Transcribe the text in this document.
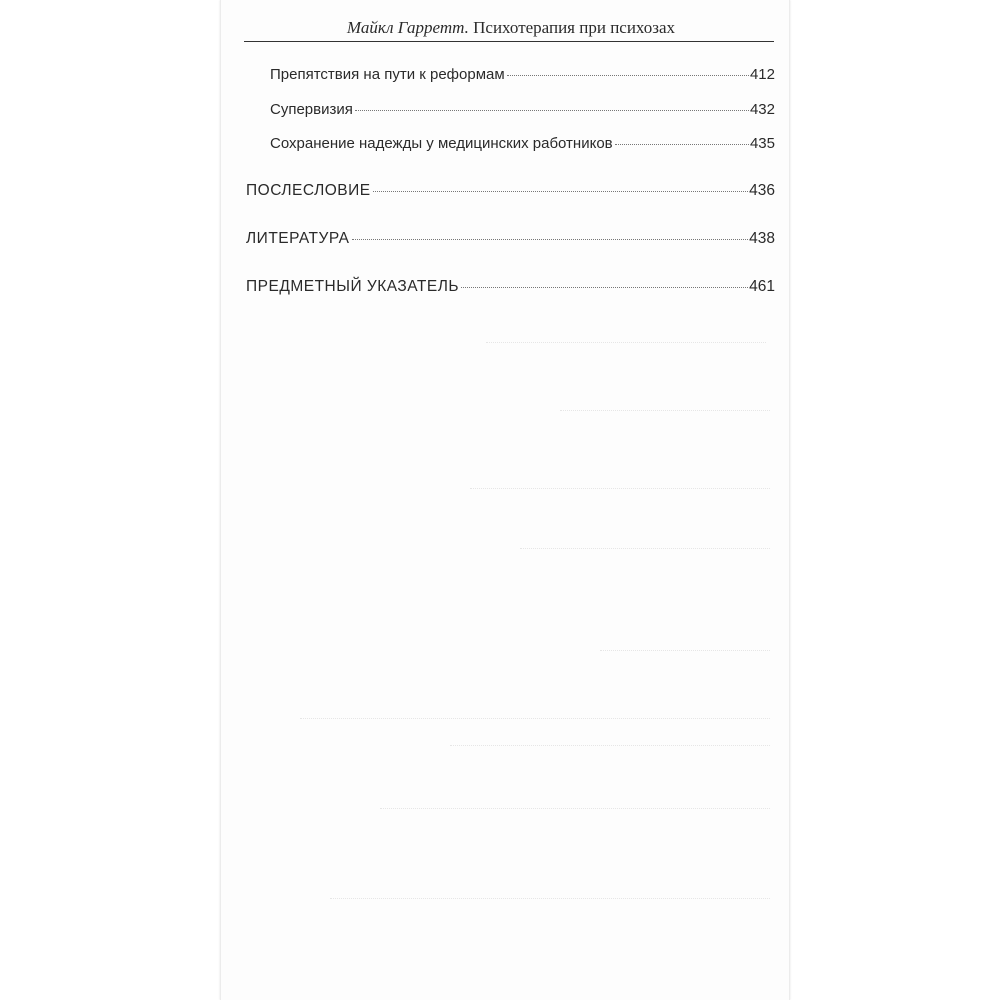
Майкл Гарретт. Психотерапия при психозах
Препятствия на пути к реформам	412
Супервизия	432
Сохранение надежды у медицинских работников	435
ПОСЛЕСЛОВИЕ	436
ЛИТЕРАТУРА	438
ПРЕДМЕТНЫЙ УКАЗАТЕЛЬ	461
